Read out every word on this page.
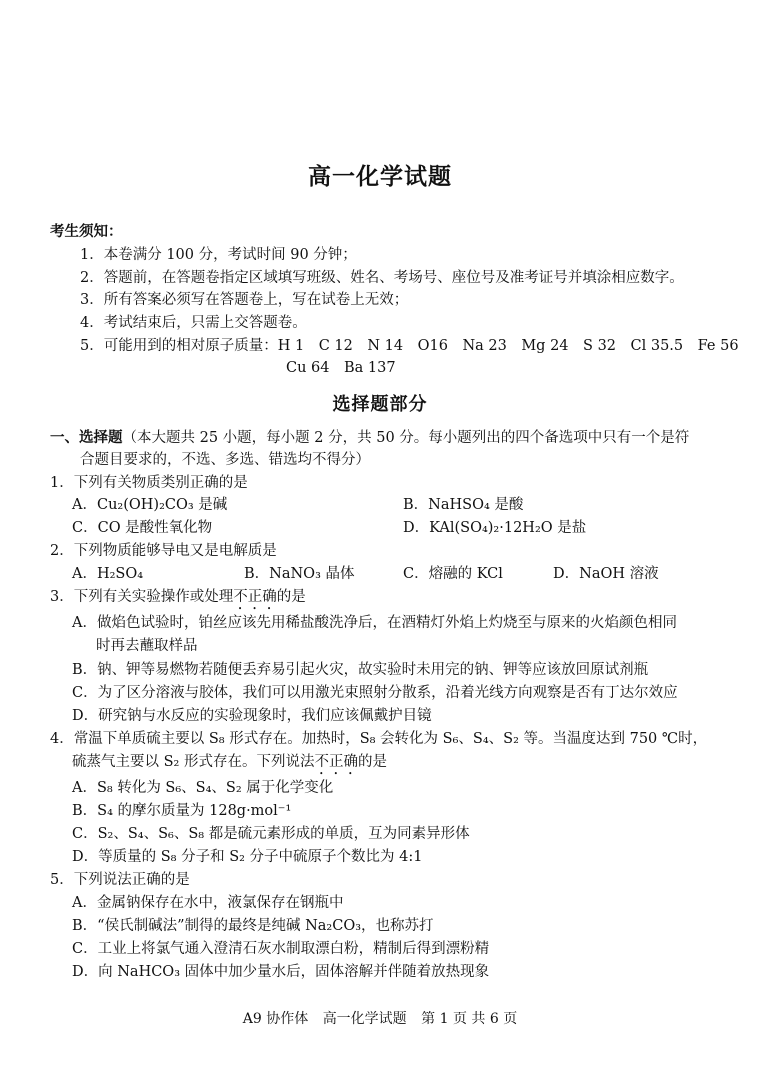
高一化学试题
考生须知：
1．本卷满分 100 分，考试时间 90 分钟；
2．答题前，在答题卷指定区域填写班级、姓名、考场号、座位号及准考证号并填涂相应数字。
3．所有答案必须写在答题卷上，写在试卷上无效；
4．考试结束后，只需上交答题卷。
5．可能用到的相对原子质量：H 1　C 12　N 14　O16　Na 23　Mg 24　S 32　Cl 35.5　Fe 56
Cu 64　Ba 137
选择题部分
一、选择题（本大题共 25 小题，每小题 2 分，共 50 分。每小题列出的四个备选项中只有一个是符
合题目要求的，不选、多选、错选均不得分）
1．下列有关物质类别正确的是
A．Cu₂(OH)₂CO₃ 是碱	B．NaHSO₄ 是酸
C．CO 是酸性氧化物	D．KAl(SO₄)₂·12H₂O 是盐
2．下列物质能够导电又是电解质是
A．H₂SO₄	B．NaNO₃ 晶体	C．熔融的 KCl	D．NaOH 溶液
3．下列有关实验操作或处理不正确的是
A．做焰色试验时，铂丝应该先用稀盐酸洗净后，在酒精灯外焰上灼烧至与原来的火焰颜色相同
时再去蘸取样品
B．钠、钾等易燃物若随便丢弃易引起火灾，故实验时未用完的钠、钾等应该放回原试剂瓶
C．为了区分溶液与胶体，我们可以用激光束照射分散系，沿着光线方向观察是否有丁达尔效应
D．研究钠与水反应的实验现象时，我们应该佩戴护目镜
4．常温下单质硫主要以 S₈ 形式存在。加热时，S₈ 会转化为 S₆、S₄、S₂ 等。当温度达到 750 ℃时，
硫蒸气主要以 S₂ 形式存在。下列说法不正确的是
A．S₈ 转化为 S₆、S₄、S₂ 属于化学变化
B．S₄ 的摩尔质量为 128g·mol⁻¹
C．S₂、S₄、S₆、S₈ 都是硫元素形成的单质，互为同素异形体
D．等质量的 S₈ 分子和 S₂ 分子中硫原子个数比为 4:1
5．下列说法正确的是
A．金属钠保存在水中，液氯保存在钢瓶中
B．“侯氏制碱法”制得的最终是纯碱 Na₂CO₃，也称苏打
C．工业上将氯气通入澄清石灰水制取漂白粉，精制后得到漂粉精
D．向 NaHCO₃ 固体中加少量水后，固体溶解并伴随着放热现象
A9 协作体 高一化学试题 第 1 页 共 6 页
